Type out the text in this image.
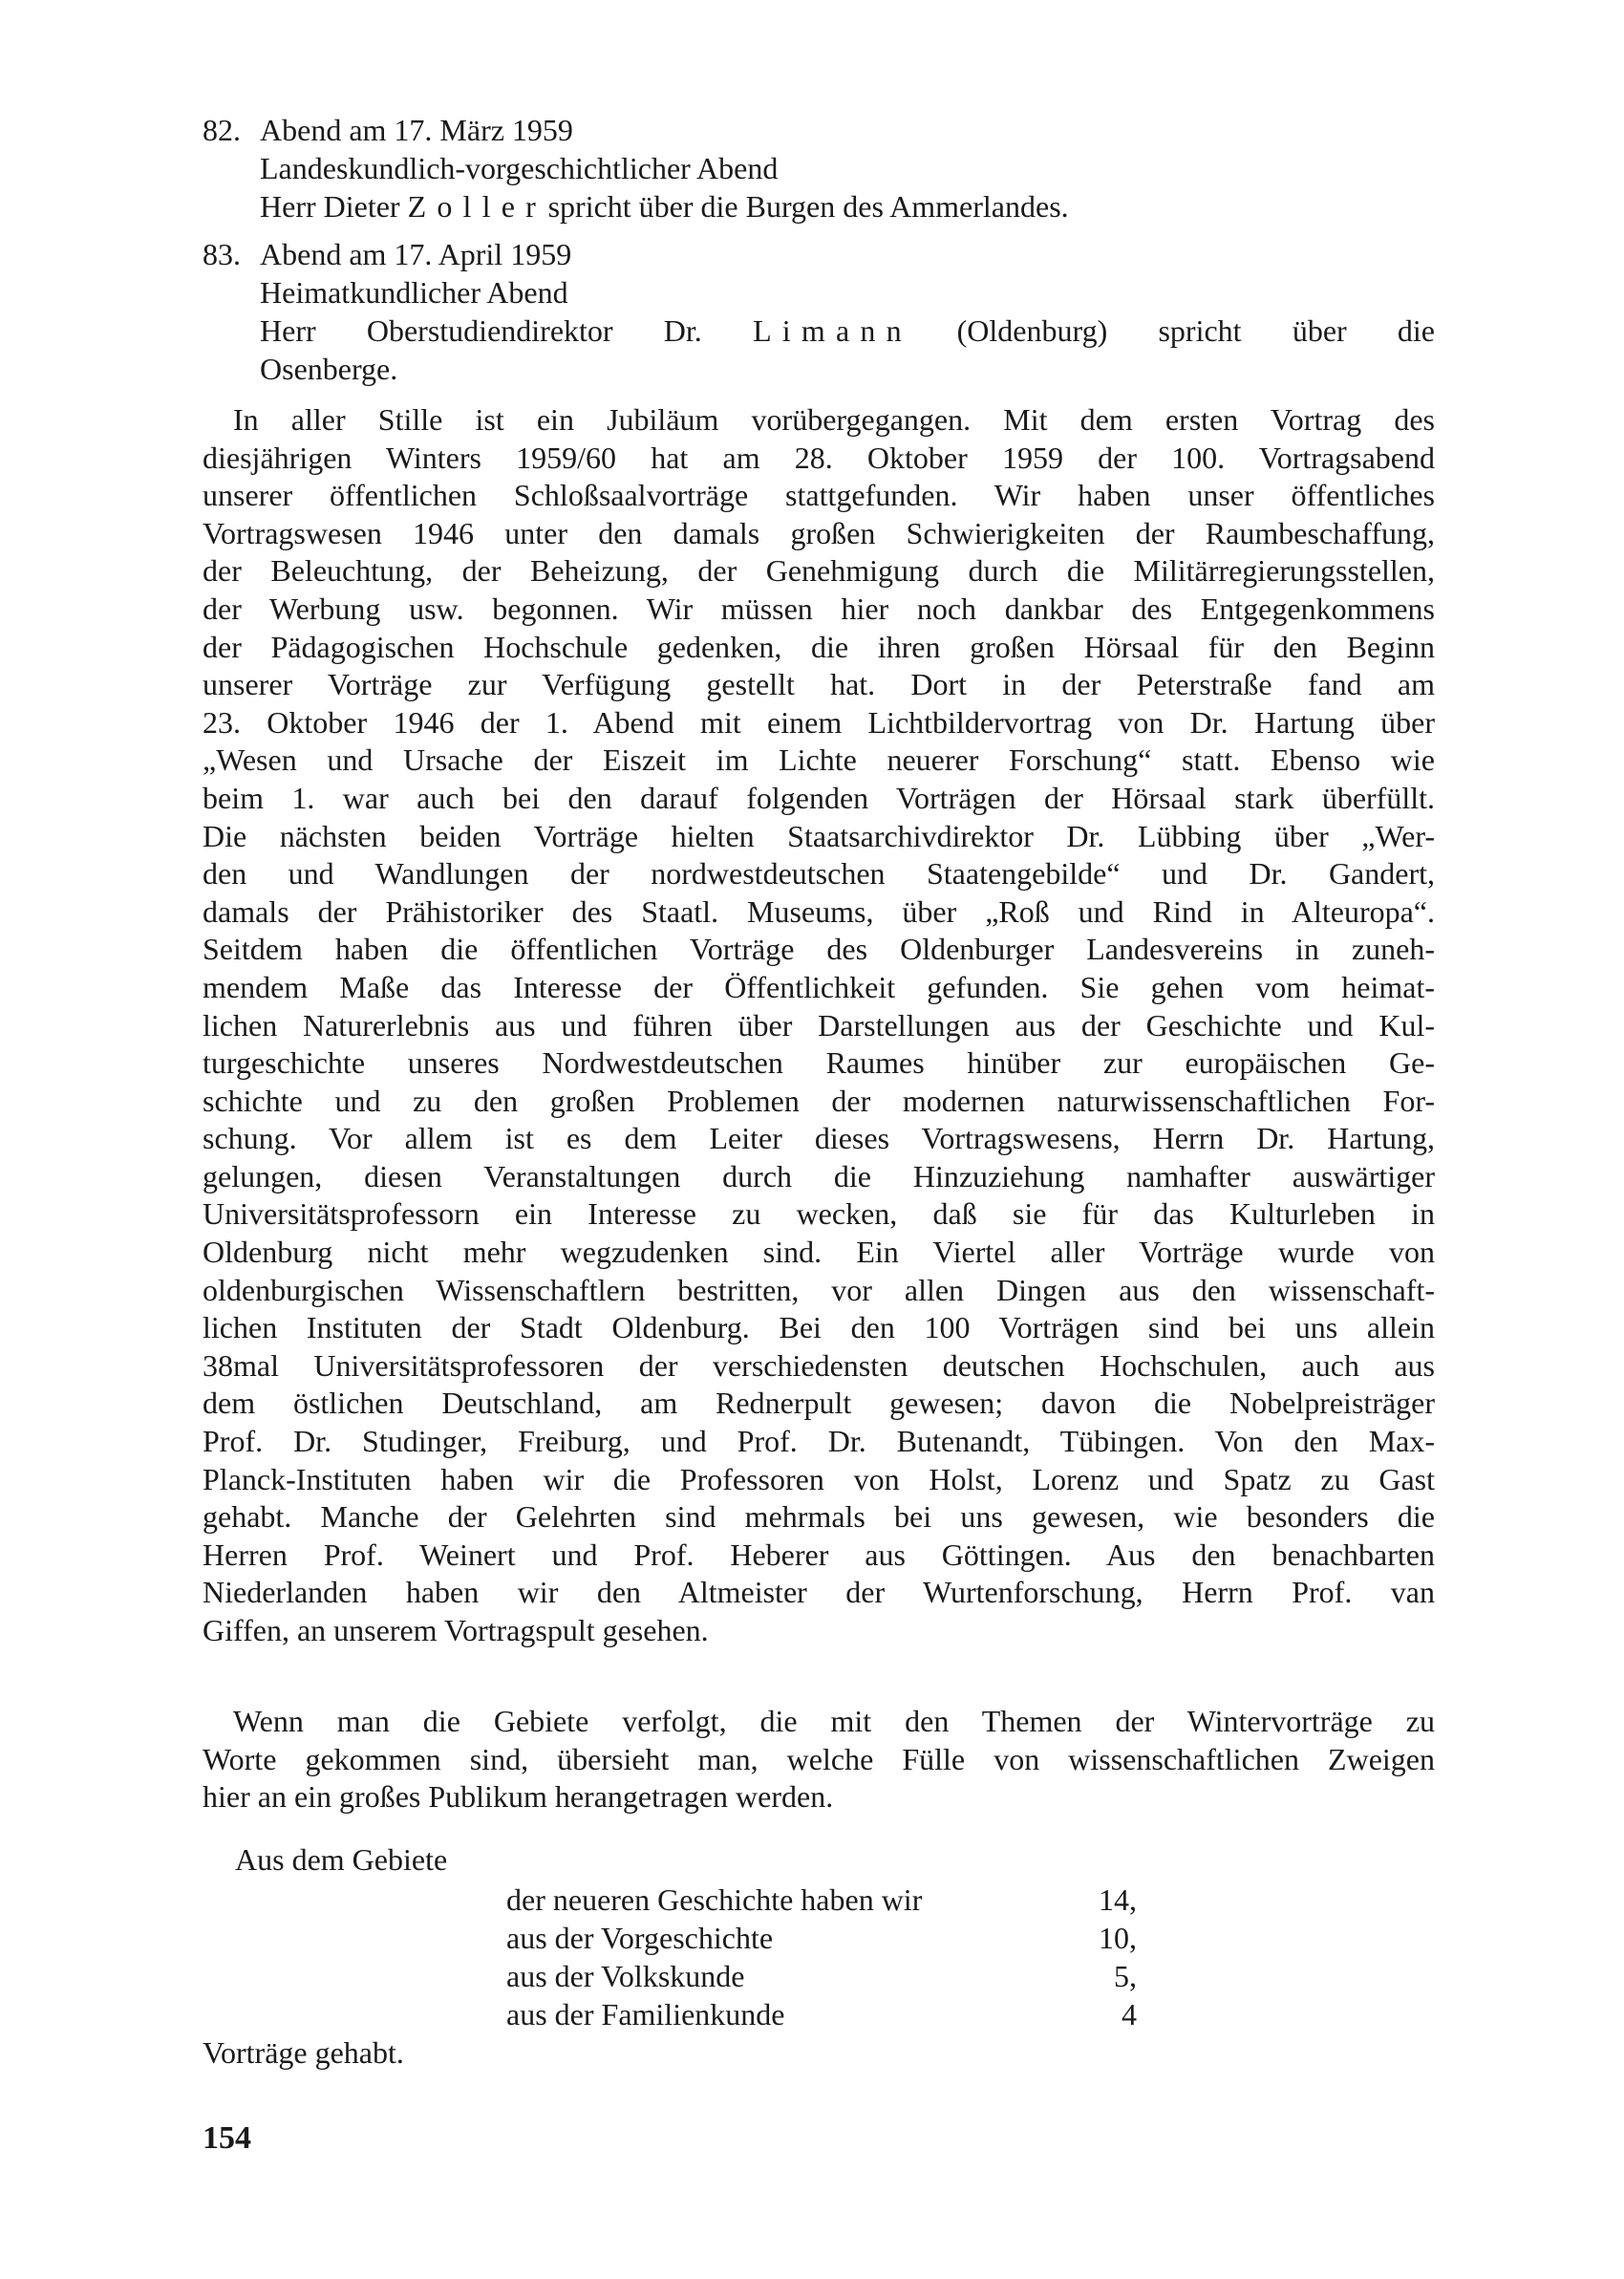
82. Abend am 17. März 1959
Landeskundlich-vorgeschichtlicher Abend
Herr Dieter Zoller spricht über die Burgen des Ammerlandes.
83. Abend am 17. April 1959
Heimatkundlicher Abend
Herr Oberstudiendirektor Dr. Limann (Oldenburg) spricht über die
Osenberge.
In aller Stille ist ein Jubiläum vorübergegangen. Mit dem ersten Vortrag des
diesjährigen Winters 1959/60 hat am 28. Oktober 1959 der 100. Vortragsabend
unserer öffentlichen Schloßsaalvorträge stattgefunden. Wir haben unser öffentliches
Vortragswesen 1946 unter den damals großen Schwierigkeiten der Raumbeschaffung,
der Beleuchtung, der Beheizung, der Genehmigung durch die Militärregierungsstellen,
der Werbung usw. begonnen. Wir müssen hier noch dankbar des Entgegenkommens
der Pädagogischen Hochschule gedenken, die ihren großen Hörsaal für den Beginn
unserer Vorträge zur Verfügung gestellt hat. Dort in der Peterstraße fand am
23. Oktober 1946 der 1. Abend mit einem Lichtbildervortrag von Dr. Hartung über
„Wesen und Ursache der Eiszeit im Lichte neuerer Forschung“ statt. Ebenso wie
beim 1. war auch bei den darauf folgenden Vorträgen der Hörsaal stark überfüllt.
Die nächsten beiden Vorträge hielten Staatsarchivdirektor Dr. Lübbing über „Wer-
den und Wandlungen der nordwestdeutschen Staatengebilde“ und Dr. Gandert,
damals der Prähistoriker des Staatl. Museums, über „Roß und Rind in Alteuropa“.
Seitdem haben die öffentlichen Vorträge des Oldenburger Landesvereins in zuneh-
mendem Maße das Interesse der Öffentlichkeit gefunden. Sie gehen vom heimat-
lichen Naturerlebnis aus und führen über Darstellungen aus der Geschichte und Kul-
turgeschichte unseres Nordwestdeutschen Raumes hinüber zur europäischen Ge-
schichte und zu den großen Problemen der modernen naturwissenschaftlichen For-
schung. Vor allem ist es dem Leiter dieses Vortragswesens, Herrn Dr. Hartung,
gelungen, diesen Veranstaltungen durch die Hinzuziehung namhafter auswärtiger
Universitätsprofessorn ein Interesse zu wecken, daß sie für das Kulturleben in
Oldenburg nicht mehr wegzudenken sind. Ein Viertel aller Vorträge wurde von
oldenburgischen Wissenschaftlern bestritten, vor allen Dingen aus den wissenschaft-
lichen Instituten der Stadt Oldenburg. Bei den 100 Vorträgen sind bei uns allein
38mal Universitätsprofessoren der verschiedensten deutschen Hochschulen, auch aus
dem östlichen Deutschland, am Rednerpult gewesen; davon die Nobelpreisträger
Prof. Dr. Studinger, Freiburg, und Prof. Dr. Butenandt, Tübingen. Von den Max-
Planck-Instituten haben wir die Professoren von Holst, Lorenz und Spatz zu Gast
gehabt. Manche der Gelehrten sind mehrmals bei uns gewesen, wie besonders die
Herren Prof. Weinert und Prof. Heberer aus Göttingen. Aus den benachbarten
Niederlanden haben wir den Altmeister der Wurtenforschung, Herrn Prof. van
Giffen, an unserem Vortragspult gesehen.
Wenn man die Gebiete verfolgt, die mit den Themen der Wintervorträge zu
Worte gekommen sind, übersieht man, welche Fülle von wissenschaftlichen Zweigen
hier an ein großes Publikum herangetragen werden.
Aus dem Gebiete
der neueren Geschichte haben wir	14,
aus der Vorgeschichte	10,
aus der Volkskunde	5,
aus der Familienkunde	4
Vorträge gehabt.
154
